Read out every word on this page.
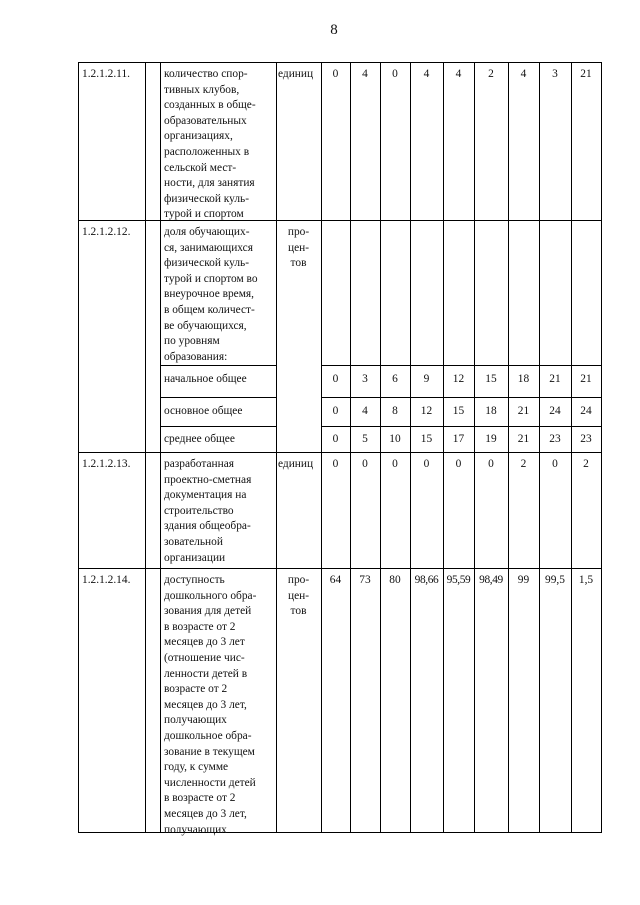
8
1.2.1.2.11.	количество спор-
тивных клубов,
созданных в обще-
образовательных
организациях,
расположенных в
сельской мест-
ности, для занятия
физической куль-
турой и спортом
единиц	0	4	0	4	4	2	4	3	21
1.2.1.2.12.	доля обучающих-
ся, занимающихся
физической куль-
турой и спортом во
внеурочное время,
в общем количест-
ве обучающихся,
по уровням
образования:
про-
цен-
тов
начальное общее	0	3	6	9	12	15	18	21	21
основное общее	0	4	8	12	15	18	21	24	24
среднее общее	0	5	10	15	17	19	21	23	23
1.2.1.2.13.	разработанная
проектно-сметная
документация на
строительство
здания общеобра-
зовательной
организации
единиц	0	0	0	0	0	0	2	0	2
1.2.1.2.14.	доступность
дошкольного обра-
зования для детей
в возрасте от 2
месяцев до 3 лет
(отношение чис-
ленности детей в
возрасте от 2
месяцев до 3 лет,
получающих
дошкольное обра-
зование в текущем
году, к сумме
численности детей
в возрасте от 2
месяцев до 3 лет,
получающих
про-
цен-
тов
64	73	80	98,66 95,59 98,49	99	99,5	1,5
